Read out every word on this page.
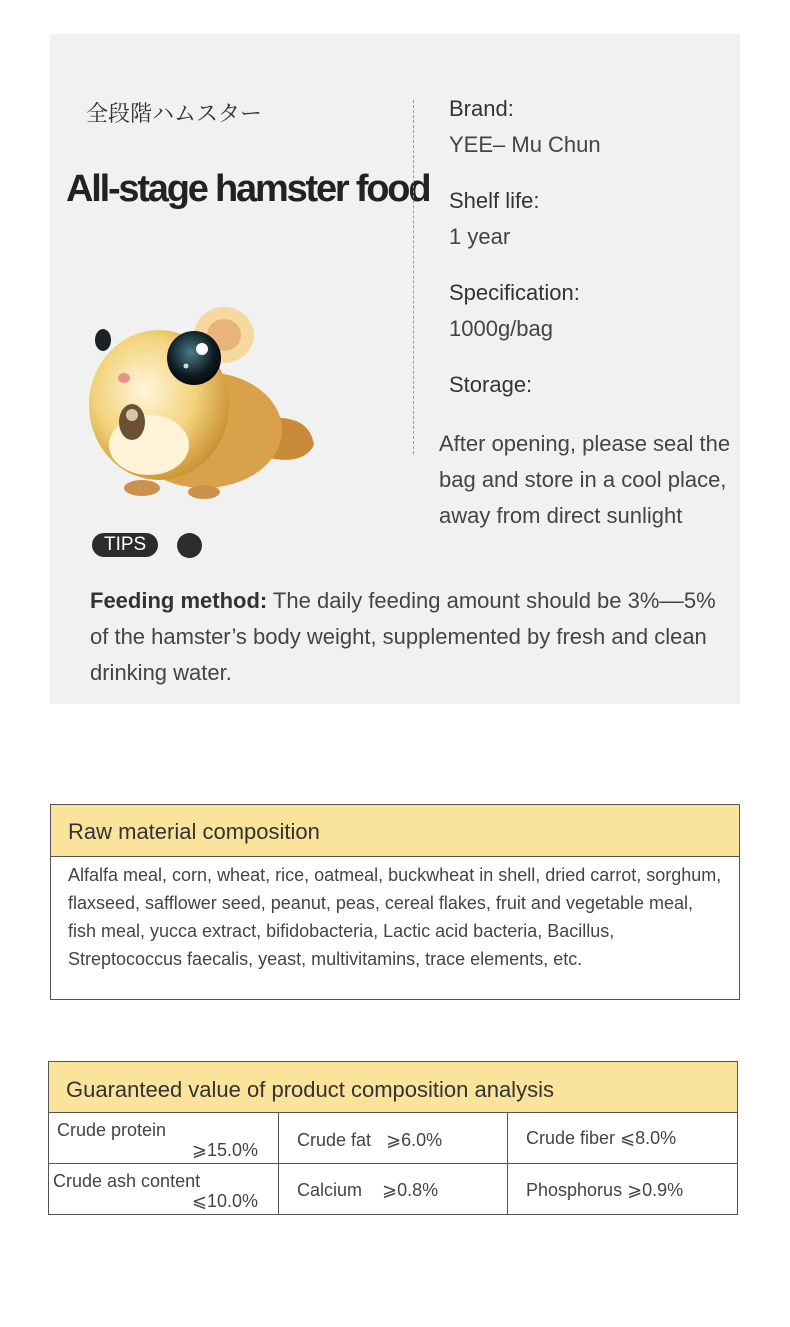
全段階ハムスター
All-stage hamster food
TIPS
Brand:
YEE– Mu Chun
Shelf life:
1 year
Specification:
1000g/bag
Storage:
After opening, please seal the bag and store in a cool place, away from direct sunlight
Feeding method: The daily feeding amount should be 3%––5% of the hamster’s body weight, supplemented by fresh and clean drinking water.
Raw material composition
Alfalfa meal, corn, wheat, rice, oatmeal, buckwheat in shell, dried carrot, sorghum, flaxseed, safflower seed, peanut, peas, cereal flakes, fruit and vegetable meal, fish meal, yucca extract, bifidobacteria, Lactic acid bacteria, Bacillus, Streptococcus faecalis, yeast, multivitamins, trace elements, etc.
Guaranteed value of product composition analysis
Crude protein
⩾15.0% Crude fat   ⩾6.0%	Crude fiber ⩽8.0%
Crude ash content
⩽10.0%
Calcium    ⩾0.8%	Phosphorus ⩾0.9%
